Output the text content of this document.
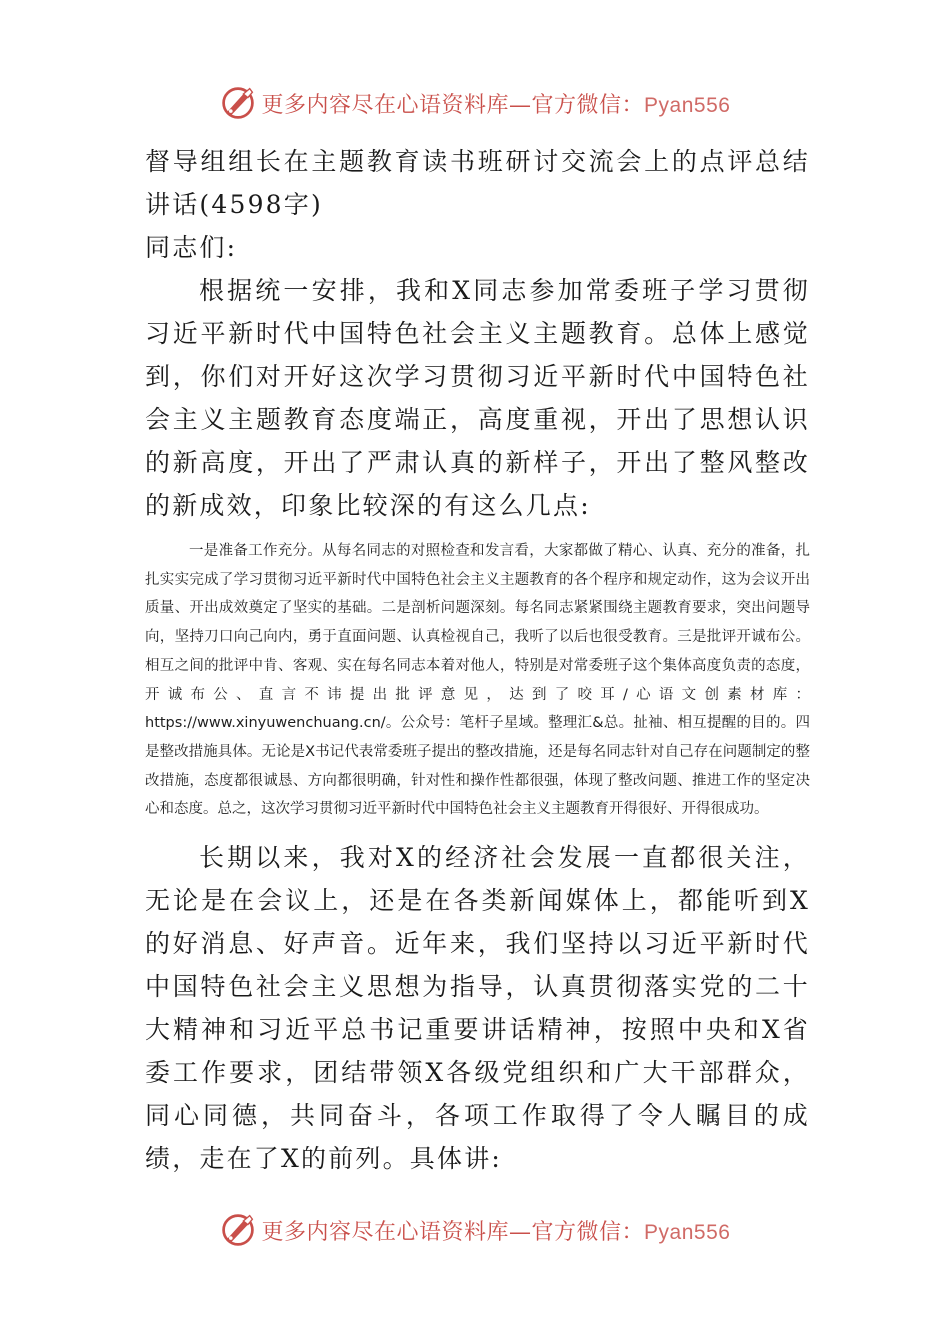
更多内容尽在心语资料库—官方微信：Pyan556

督导组组长在主题教育读书班研讨交流会上的点评总结讲话(4598字)

同志们:

根据统一安排，我和X同志参加常委班子学习贯彻习近平新时代中国特色社会主义主题教育。总体上感觉到，你们对开好这次学习贯彻习近平新时代中国特色社会主义主题教育态度端正，高度重视，开出了思想认识的新高度，开出了严肃认真的新样子，开出了整风整改的新成效，印象比较深的有这么几点:

一是准备工作充分。从每名同志的对照检查和发言看，大家都做了精心、认真、充分的准备，扎扎实实完成了学习贯彻习近平新时代中国特色社会主义主题教育的各个程序和规定动作，这为会议开出质量、开出成效奠定了坚实的基础。二是剖析问题深刻。每名同志紧紧围绕主题教育要求，突出问题导向，坚持刀口向己向内，勇于直面问题、认真检视自己，我听了以后也很受教育。三是批评开诚布公。相互之间的批评中肯、客观、实在每名同志本着对他人，特别是对常委班子这个集体高度负责的态度，开诚布公、直言不讳提出批评意见，达到了咬耳/心语文创素材库：https://www.xinyuwenchuang.cn/。公众号：笔杆子星域。整理汇&总。扯袖、相互提醒的目的。四是整改措施具体。无论是X书记代表常委班子提出的整改措施，还是每名同志针对自己存在问题制定的整改措施，态度都很诚恳、方向都很明确，针对性和操作性都很强，体现了整改问题、推进工作的坚定决心和态度。总之，这次学习贯彻习近平新时代中国特色社会主义主题教育开得很好、开得很成功。

长期以来，我对X的经济社会发展一直都很关注，无论是在会议上，还是在各类新闻媒体上，都能听到X的好消息、好声音。近年来，我们坚持以习近平新时代中国特色社会主义思想为指导，认真贯彻落实党的二十大精神和习近平总书记重要讲话精神，按照中央和X省委工作要求，团结带领X各级党组织和广大干部群众，同心同德，共同奋斗，各项工作取得了令人瞩目的成绩，走在了X的前列。具体讲:

更多内容尽在心语资料库—官方微信：Pyan556
